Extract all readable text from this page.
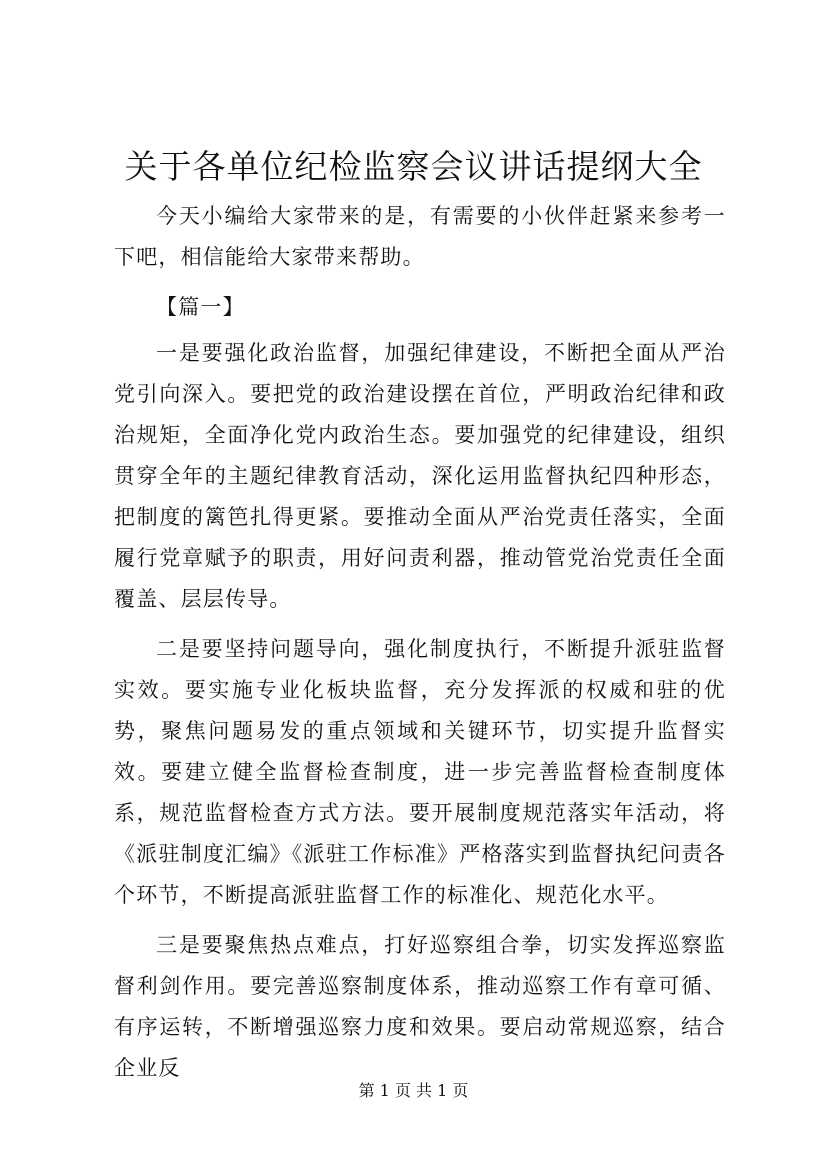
关于各单位纪检监察会议讲话提纲大全

今天小编给大家带来的是，有需要的小伙伴赶紧来参考一下吧，相信能给大家带来帮助。

【篇一】

一是要强化政治监督，加强纪律建设，不断把全面从严治党引向深入。要把党的政治建设摆在首位，严明政治纪律和政治规矩，全面净化党内政治生态。要加强党的纪律建设，组织贯穿全年的主题纪律教育活动，深化运用监督执纪四种形态，把制度的篱笆扎得更紧。要推动全面从严治党责任落实，全面履行党章赋予的职责，用好问责利器，推动管党治党责任全面覆盖、层层传导。

二是要坚持问题导向，强化制度执行，不断提升派驻监督实效。要实施专业化板块监督，充分发挥派的权威和驻的优势，聚焦问题易发的重点领域和关键环节，切实提升监督实效。要建立健全监督检查制度，进一步完善监督检查制度体系，规范监督检查方式方法。要开展制度规范落实年活动，将《派驻制度汇编》《派驻工作标准》严格落实到监督执纪问责各个环节，不断提高派驻监督工作的标准化、规范化水平。

三是要聚焦热点难点，打好巡察组合拳，切实发挥巡察监督利剑作用。要完善巡察制度体系，推动巡察工作有章可循、有序运转，不断增强巡察力度和效果。要启动常规巡察，结合企业反

第 1 页 共 1 页
